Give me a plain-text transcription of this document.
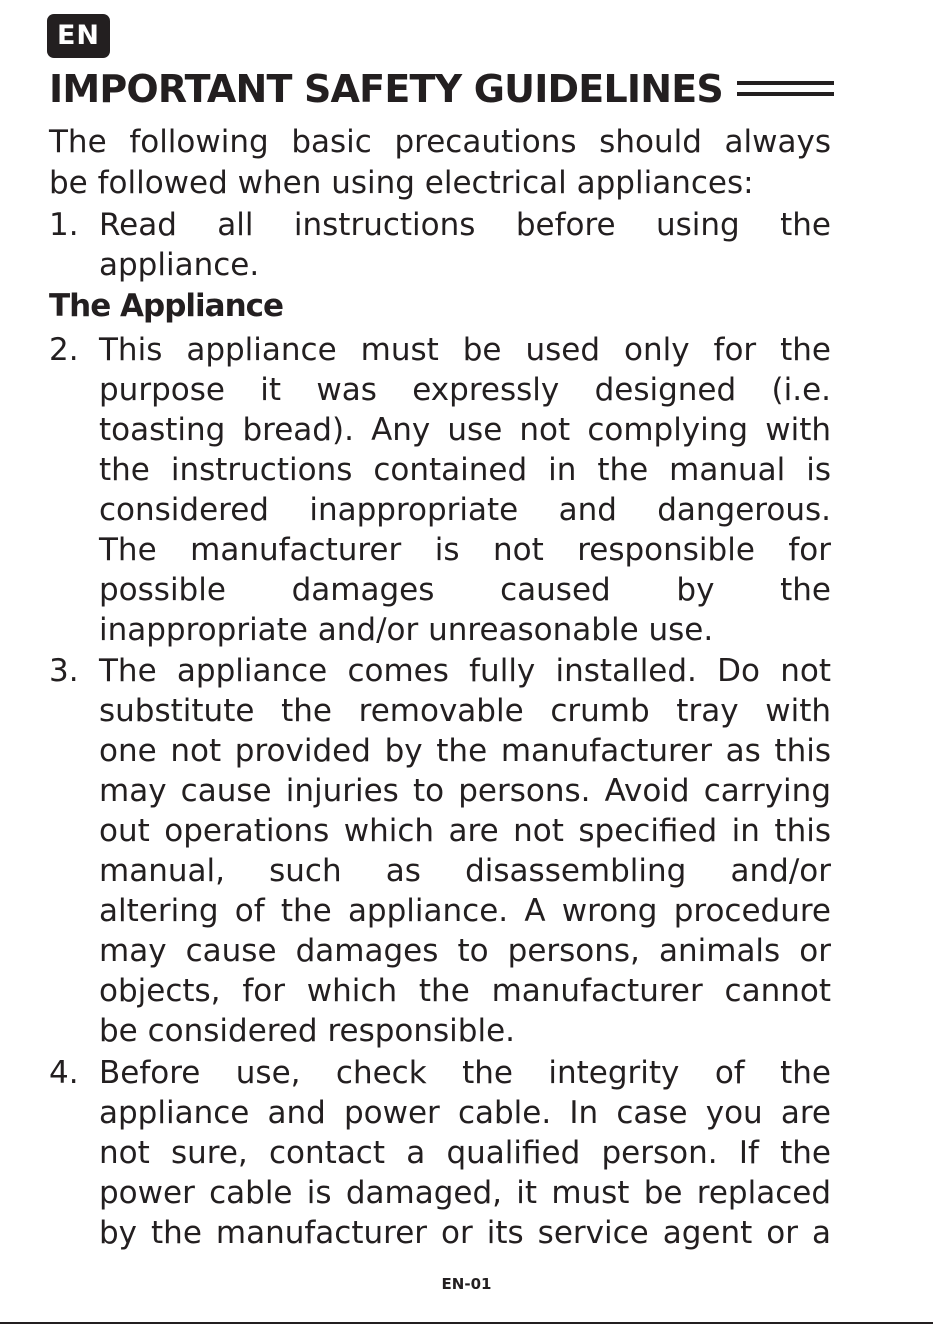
EN
IMPORTANT SAFETY GUIDELINES
The following basic precautions should always
be followed when using electrical appliances:
1. Read all instructions before using the
appliance.
The Appliance
2. This appliance must be used only for the
purpose it was expressly designed (i.e.
toasting bread). Any use not complying with
the instructions contained in the manual is
considered inappropriate and dangerous.
The manufacturer is not responsible for
possible damages caused by the
inappropriate and/or unreasonable use.
3. The appliance comes fully installed. Do not
substitute the removable crumb tray with
one not provided by the manufacturer as this
may cause injuries to persons. Avoid carrying
out operations which are not specified in this
manual, such as disassembling and/or
altering of the appliance. A wrong procedure
may cause damages to persons, animals or
objects, for which the manufacturer cannot
be considered responsible.
4. Before use, check the integrity of the
appliance and power cable. In case you are
not sure, contact a qualified person. If the
power cable is damaged, it must be replaced
by the manufacturer or its service agent or a
EN-01
